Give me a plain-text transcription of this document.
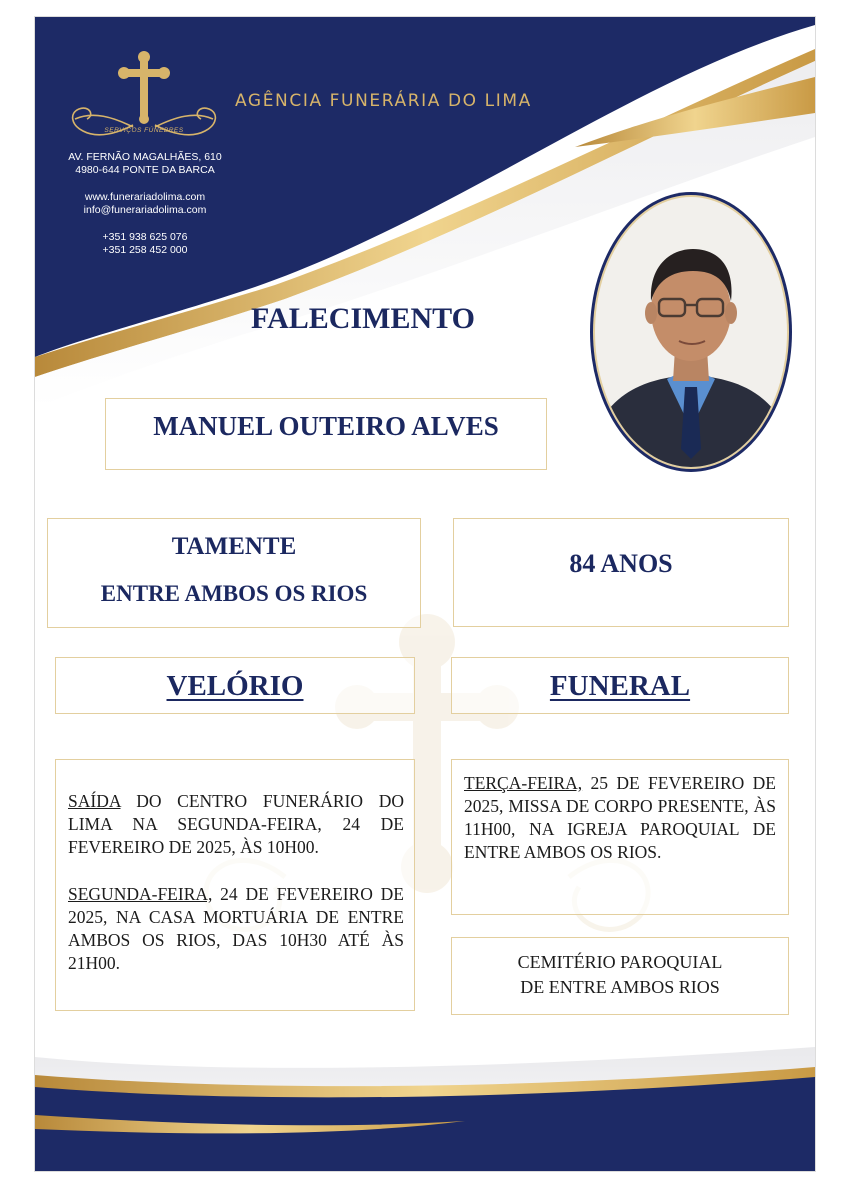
SERVIÇOS FÚNEBRES
AGÊNCIA FUNERÁRIA DO LIMA
AV. FERNÃO MAGALHÃES, 610
4980-644 PONTE DA BARCA
www.funerariadolima.com
info@funerariadolima.com
+351 938 625 076
+351 258 452 000
FALECIMENTO
MANUEL OUTEIRO ALVES
TAMENTE
ENTRE AMBOS OS RIOS
84 ANOS
VELÓRIO	FUNERAL
SAÍDA DO CENTRO FUNERÁRIO DO LIMA NA SEGUNDA-FEIRA, 24 DE FEVEREIRO DE 2025, ÀS 10H00.
SEGUNDA-FEIRA, 24 DE FEVEREIRO DE 2025, NA CASA MORTUÁRIA DE ENTRE AMBOS OS RIOS, DAS 10H30 ATÉ ÀS 21H00.
TERÇA-FEIRA, 25 DE FEVEREIRO DE 2025, MISSA DE CORPO PRESENTE, ÀS 11H00, NA IGREJA PAROQUIAL DE ENTRE AMBOS OS RIOS.
CEMITÉRIO PAROQUIAL
DE ENTRE AMBOS RIOS
